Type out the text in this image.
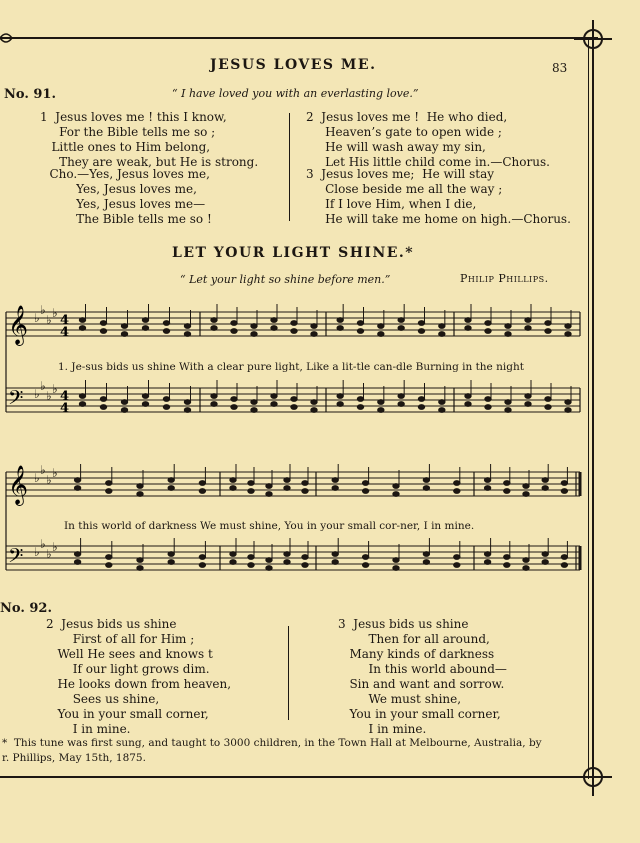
JESUS LOVES ME.	83
No. 91.	“ I have loved you with an everlasting love.”
1  Jesus loves me ! this I know,
For the Bible tells me so ;
Little ones to Him belong,
They are weak, but He is strong.
Cho.—Yes, Jesus loves me,
Yes, Jesus loves me,
Yes, Jesus loves me—
The Bible tells me so !
2  Jesus loves me !  He who died,
Heaven’s gate to open wide ;
He will wash away my sin,
Let His little child come in.—Chorus.
3  Jesus loves me;  He will stay
Close beside me all the way ;
If I love Him, when I die,
He will take me home on high.—Chorus.
LET YOUR LIGHT SHINE.*
“ Let your light so shine before men.”	Philip Phillips.
𝄞
𝄢
𝄞
𝄢
♭
♭
♭ ♭
♭
♭
♭ ♭
♭
♭
♭ ♭
♭
♭
♭ ♭
4
4
4
4
1. Je-sus bids us shine With a clear pure light, Like a lit-tle can-dle Burning in the night
In this world of darkness We must shine, You in your small cor-ner, I in mine.
No. 92.
2  Jesus bids us shine
First of all for Him ;
Well He sees and knows t
If our light grows dim.
He looks down from heaven,
Sees us shine,
You in your small corner,
I in mine.
3  Jesus bids us shine
Then for all around,
Many kinds of darkness
In this world abound—
Sin and want and sorrow.
We must shine,
You in your small corner,
I in mine.
*  This tune was first sung, and taught to 3000 children, in the Town Hall at Melbourne, Australia, by
r. Phillips, May 15th, 1875.
